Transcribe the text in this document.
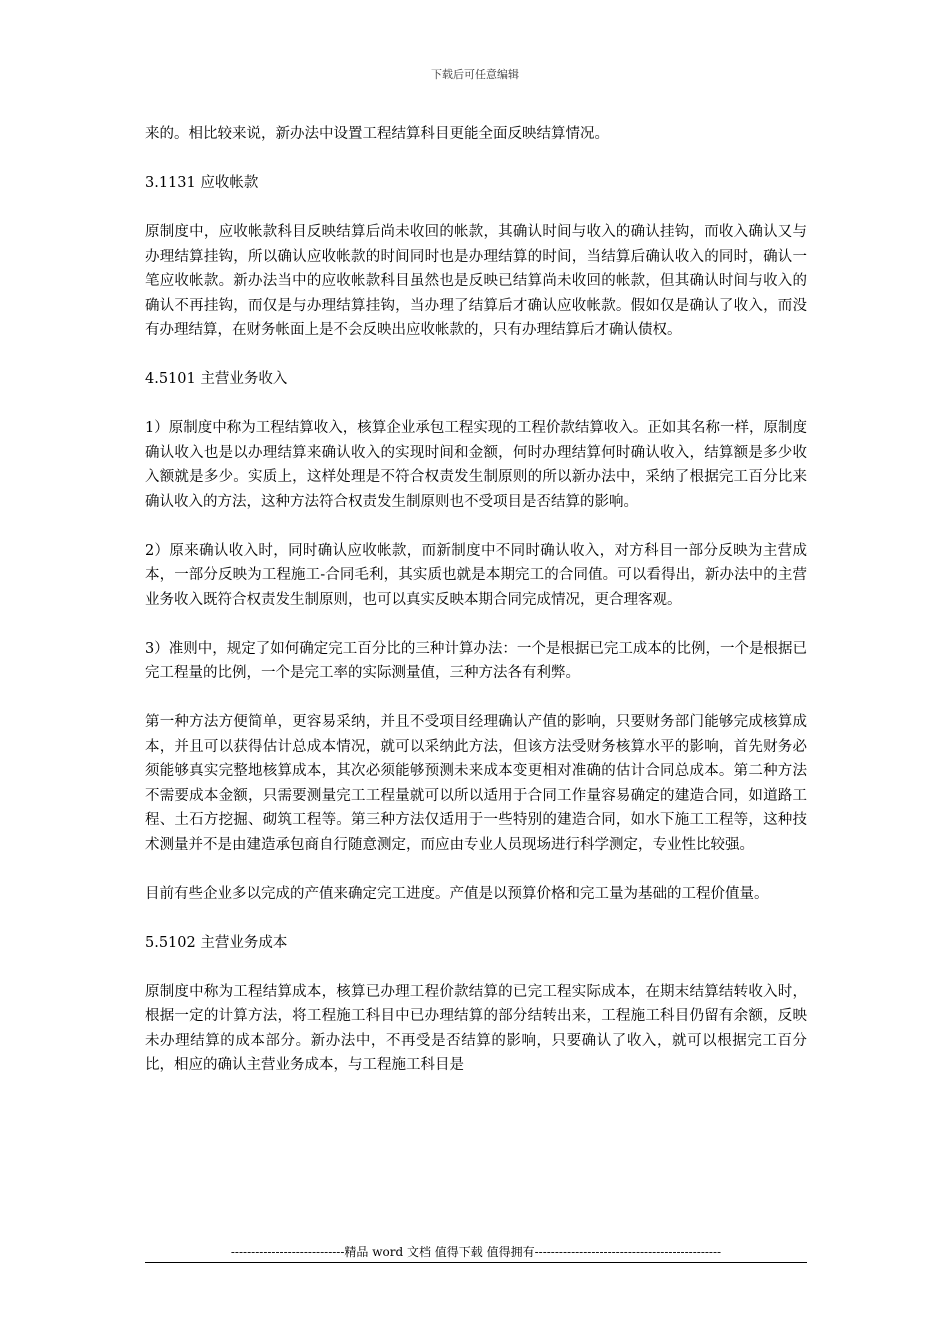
下载后可任意编辑

来的。相比较来说，新办法中设置工程结算科目更能全面反映结算情况。

3.1131 应收帐款

原制度中，应收帐款科目反映结算后尚未收回的帐款，其确认时间与收入的确认挂钩，而收入确认又与办理结算挂钩，所以确认应收帐款的时间同时也是办理结算的时间，当结算后确认收入的同时，确认一笔应收帐款。新办法当中的应收帐款科目虽然也是反映已结算尚未收回的帐款，但其确认时间与收入的确认不再挂钩，而仅是与办理结算挂钩，当办理了结算后才确认应收帐款。假如仅是确认了收入，而没有办理结算，在财务帐面上是不会反映出应收帐款的，只有办理结算后才确认债权。

4.5101 主营业务收入

1）原制度中称为工程结算收入，核算企业承包工程实现的工程价款结算收入。正如其名称一样，原制度确认收入也是以办理结算来确认收入的实现时间和金额，何时办理结算何时确认收入，结算额是多少收入额就是多少。实质上，这样处理是不符合权责发生制原则的所以新办法中，采纳了根据完工百分比来确认收入的方法，这种方法符合权责发生制原则也不受项目是否结算的影响。

2）原来确认收入时，同时确认应收帐款，而新制度中不同时确认收入，对方科目一部分反映为主营成本，一部分反映为工程施工-合同毛利，其实质也就是本期完工的合同值。可以看得出，新办法中的主营业务收入既符合权责发生制原则，也可以真实反映本期合同完成情况，更合理客观。

3）准则中，规定了如何确定完工百分比的三种计算办法：一个是根据已完工成本的比例，一个是根据已完工程量的比例，一个是完工率的实际测量值，三种方法各有利弊。

第一种方法方便简单，更容易采纳，并且不受项目经理确认产值的影响，只要财务部门能够完成核算成本，并且可以获得估计总成本情况，就可以采纳此方法，但该方法受财务核算水平的影响，首先财务必须能够真实完整地核算成本，其次必须能够预测未来成本变更相对准确的估计合同总成本。第二种方法不需要成本金额，只需要测量完工工程量就可以所以适用于合同工作量容易确定的建造合同，如道路工程、土石方挖掘、砌筑工程等。第三种方法仅适用于一些特别的建造合同，如水下施工工程等，这种技术测量并不是由建造承包商自行随意测定，而应由专业人员现场进行科学测定，专业性比较强。

目前有些企业多以完成的产值来确定完工进度。产值是以预算价格和完工量为基础的工程价值量。

5.5102 主营业务成本

原制度中称为工程结算成本，核算已办理工程价款结算的已完工程实际成本，在期末结算结转收入时，根据一定的计算方法，将工程施工科目中已办理结算的部分结转出来，工程施工科目仍留有余额，反映未办理结算的成本部分。新办法中，不再受是否结算的影响，只要确认了收入，就可以根据完工百分比，相应的确认主营业务成本，与工程施工科目是

----------------------------精品 word 文档 值得下载 值得拥有----------------------------------------------
